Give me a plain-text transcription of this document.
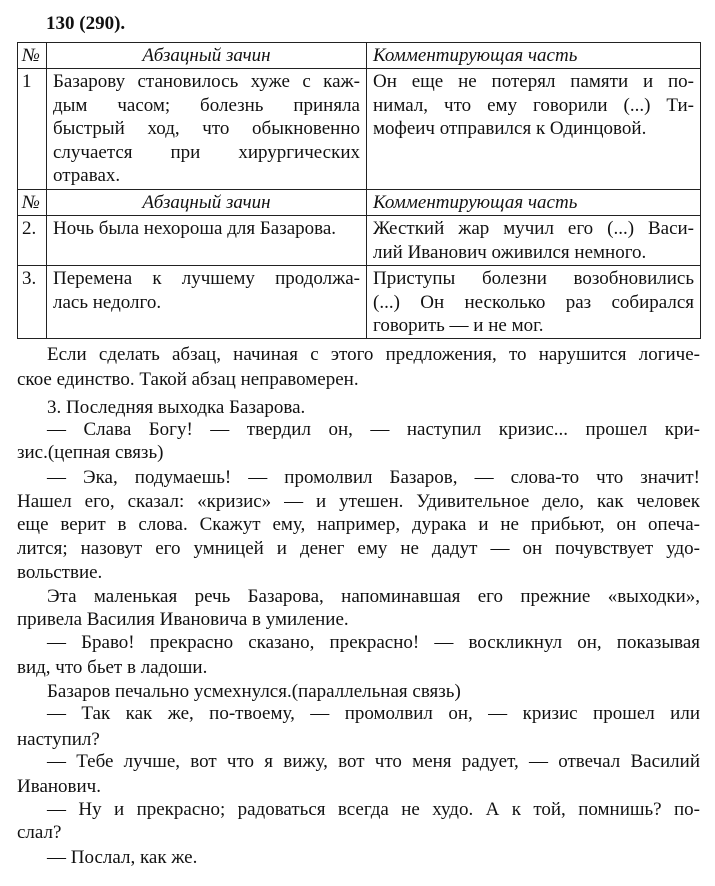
130 (290).
№	Абзацный зачин	Комментирующая часть
1	Базарову становилось хуже с каж-
дым часом; болезнь приняла
быстрый ход, что обыкновенно
случается при хирургических
отравах.	Он еще не потерял памяти и по-
нимал, что ему говорили (...) Ти-
мофеич отправился к Одинцовой.

№	Абзацный зачин	Комментирующая часть
2.	Ночь была нехороша для Базарова.	Жесткий жар мучил его (...) Васи-
лий Иванович оживился немного.

3.	Перемена к лучшему продолжа-
лась недолго.	Приступы болезни возобновились
(...) Он несколько раз собирался
говорить — и не мог.
Если сделать абзац, начиная с этого предложения, то нарушится логиче-
ское единство. Такой абзац неправомерен.
3. Последняя выходка Базарова.
— Слава Богу! — твердил он, — наступил кризис... прошел кри-
зис.(цепная связь)
— Эка, подумаешь! — промолвил Базаров, — слова-то что значит!
Нашел его, сказал: «кризис» — и утешен. Удивительное дело, как человек
еще верит в слова. Скажут ему, например, дурака и не прибьют, он опеча-
лится; назовут его умницей и денег ему не дадут — он почувствует удо-
вольствие.
Эта маленькая речь Базарова, напоминавшая его прежние «выходки»,
привела Василия Ивановича в умиление.
— Браво! прекрасно сказано, прекрасно! — воскликнул он, показывая
вид, что бьет в ладоши.
Базаров печально усмехнулся.(параллельная связь)
— Так как же, по-твоему, — промолвил он, — кризис прошел или
наступил?
— Тебе лучше, вот что я вижу, вот что меня радует, — отвечал Василий
Иванович.
— Ну и прекрасно; радоваться всегда не худо. А к той, помнишь? по-
слал?
— Послал, как же.
